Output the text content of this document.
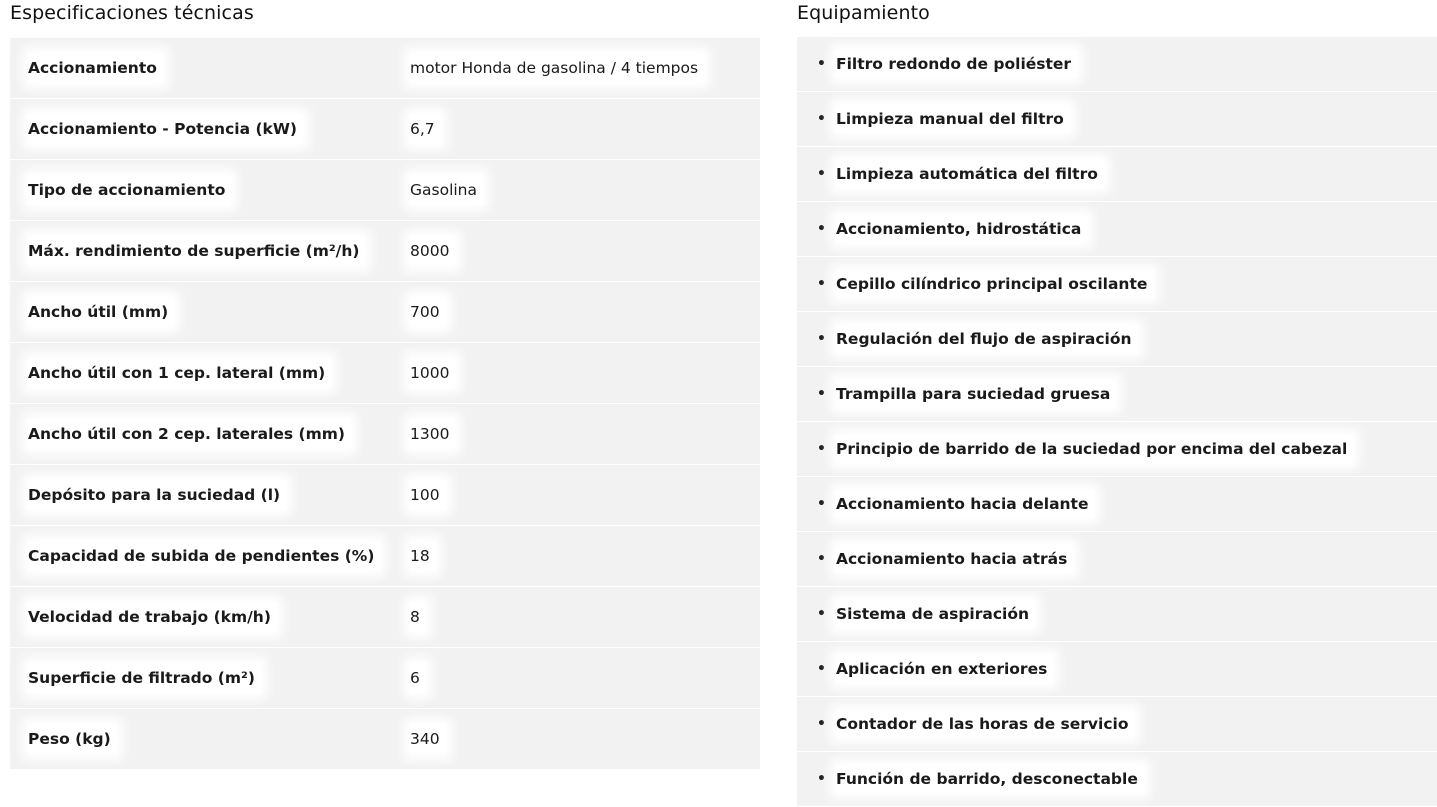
Especificaciones técnicas
Accionamiento	motor Honda de gasolina / 4 tiempos
Accionamiento - Potencia (kW)	6,7
Tipo de accionamiento	Gasolina
Máx. rendimiento de superficie (m²/h)	8000
Ancho útil (mm)	700
Ancho útil con 1 cep. lateral (mm)	1000
Ancho útil con 2 cep. laterales (mm)	1300
Depósito para la suciedad (l)	100
Capacidad de subida de pendientes (%)	18
Velocidad de trabajo (km/h)	8
Superficie de filtrado (m²)	6
Peso (kg)	340
Equipamiento
• Filtro redondo de poliéster
• Limpieza manual del filtro
• Limpieza automática del filtro
• Accionamiento, hidrostática
• Cepillo cilíndrico principal oscilante
• Regulación del flujo de aspiración
• Trampilla para suciedad gruesa
• Principio de barrido de la suciedad por encima del cabezal
• Accionamiento hacia delante
• Accionamiento hacia atrás
• Sistema de aspiración
• Aplicación en exteriores
• Contador de las horas de servicio
• Función de barrido, desconectable
